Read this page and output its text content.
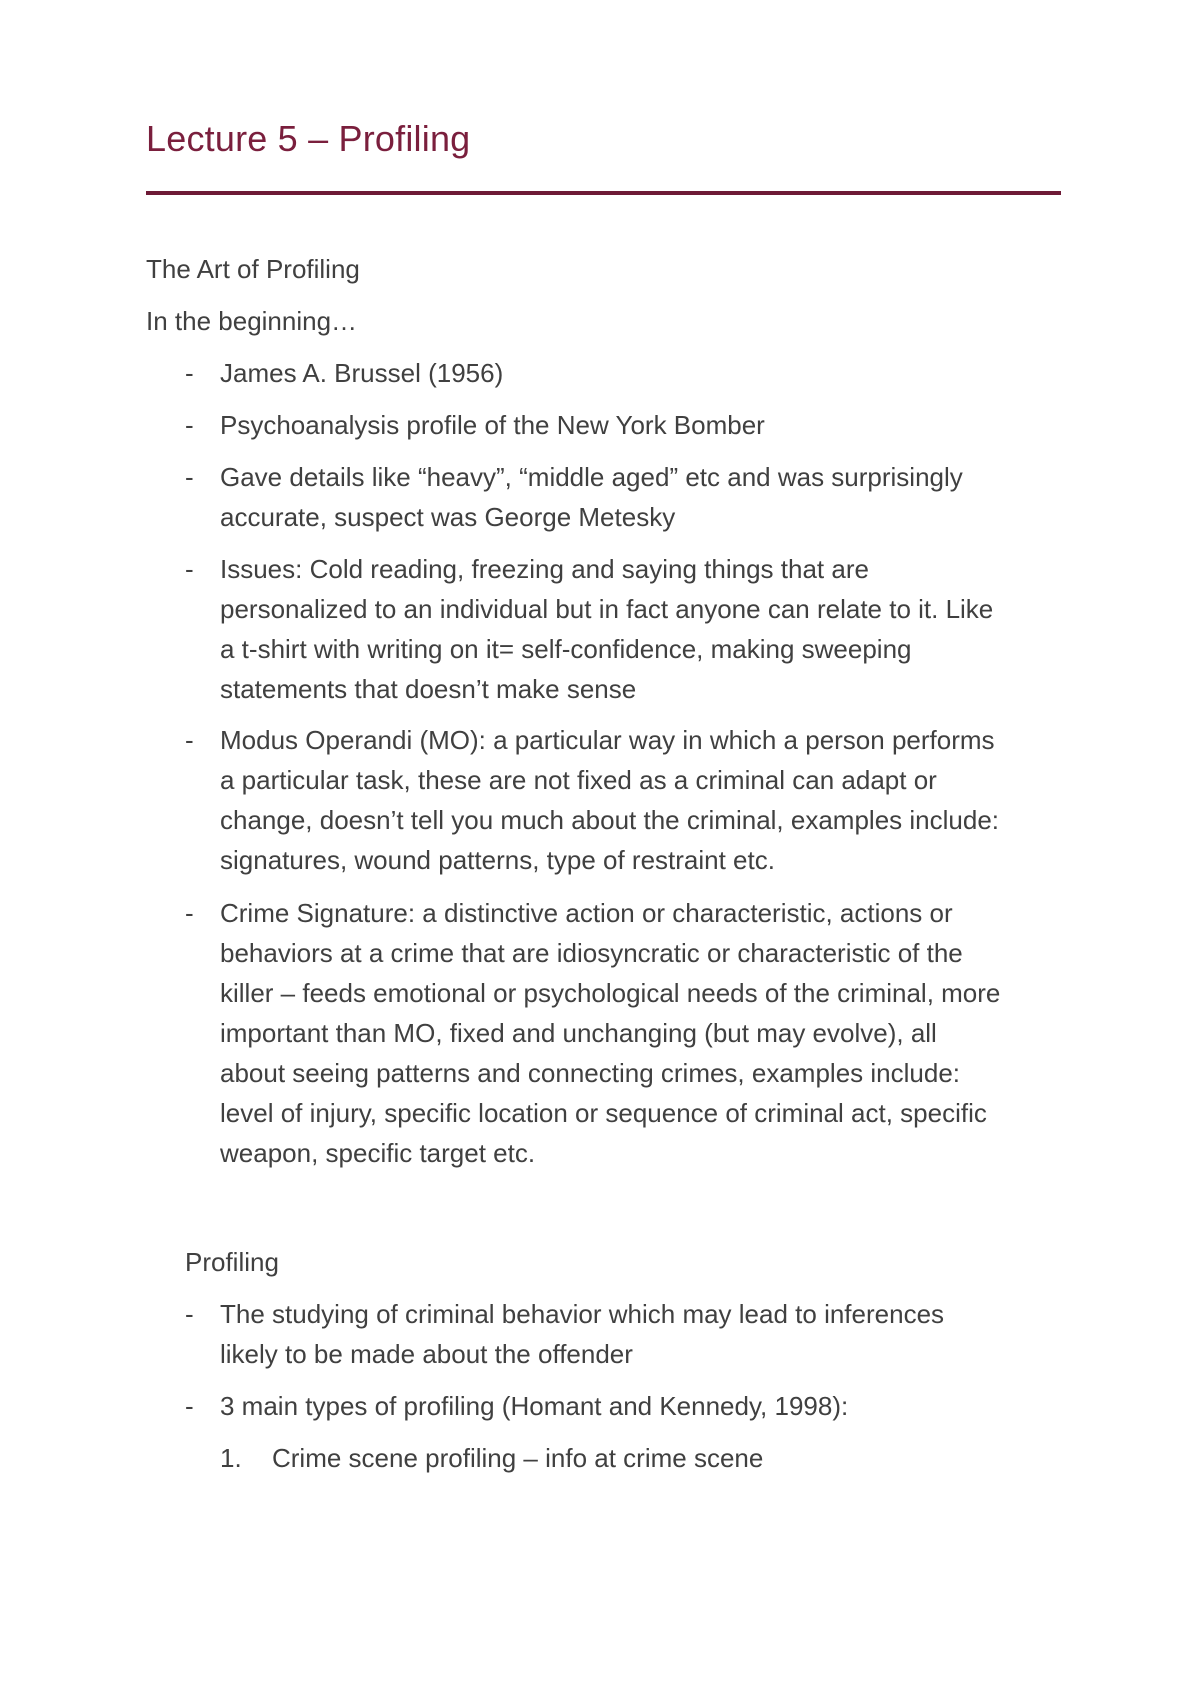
Lecture 5 – Profiling
The Art of Profiling
In the beginning…
- James A. Brussel (1956)
- Psychoanalysis profile of the New York Bomber
- Gave details like “heavy”, “middle aged” etc and was surprisingly
accurate, suspect was George Metesky
- Issues: Cold reading, freezing and saying things that are
personalized to an individual but in fact anyone can relate to it. Like
a t-shirt with writing on it= self-confidence, making sweeping
statements that doesn’t make sense
- Modus Operandi (MO): a particular way in which a person performs
a particular task, these are not fixed as a criminal can adapt or
change, doesn’t tell you much about the criminal, examples include:
signatures, wound patterns, type of restraint etc.
- Crime Signature: a distinctive action or characteristic, actions or
behaviors at a crime that are idiosyncratic or characteristic of the
killer – feeds emotional or psychological needs of the criminal, more
important than MO, fixed and unchanging (but may evolve), all
about seeing patterns and connecting crimes, examples include:
level of injury, specific location or sequence of criminal act, specific
weapon, specific target etc.
Profiling
- The studying of criminal behavior which may lead to inferences
likely to be made about the offender
- 3 main types of profiling (Homant and Kennedy, 1998):
1. Crime scene profiling – info at crime scene
